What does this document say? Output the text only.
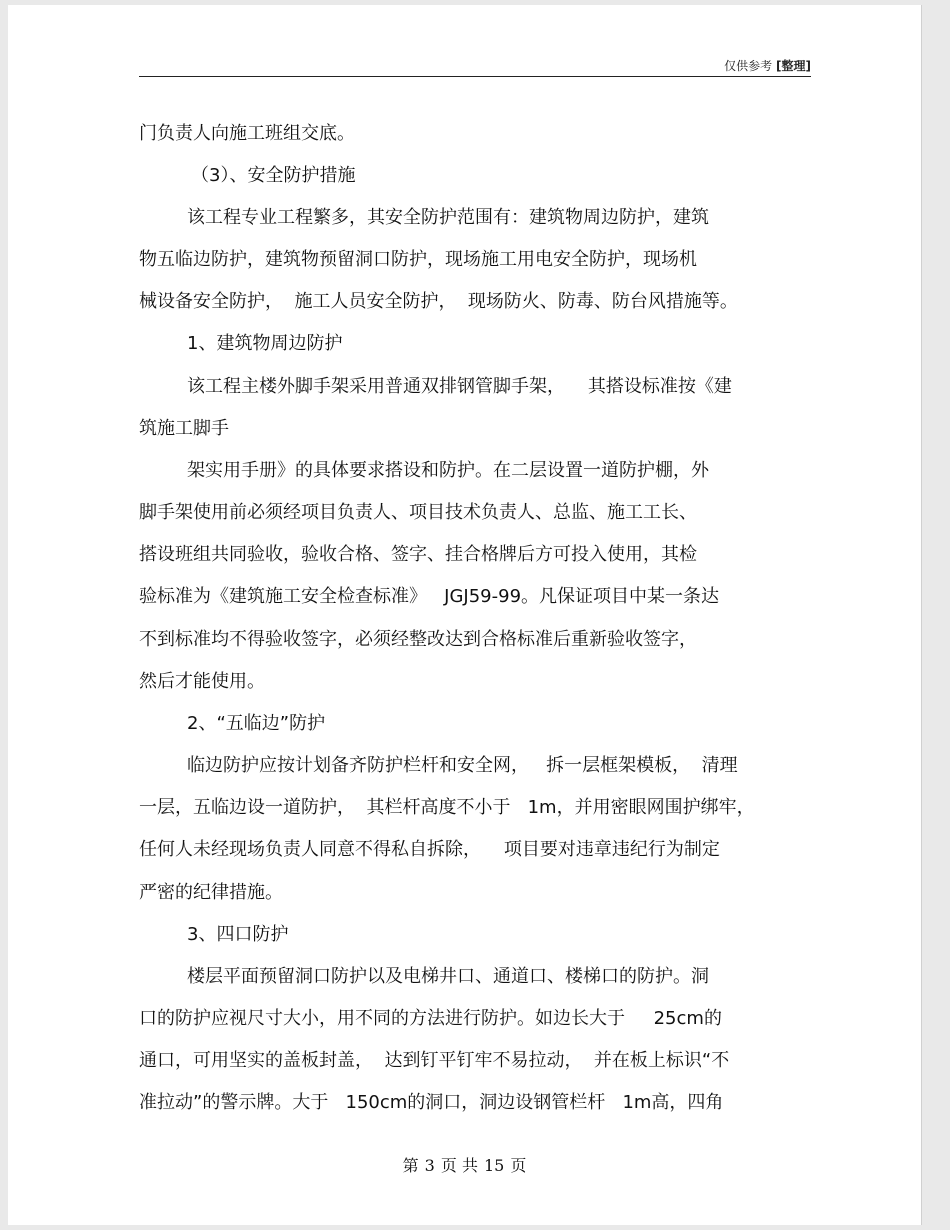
仅供参考 [整理]
门负责人向施工班组交底。
（3）、安全防护措施
该工程专业工程繁多，其安全防护范围有：建筑物周边防护，建筑
物五临边防护，建筑物预留洞口防护，现场施工用电安全防护，现场机
械设备安全防护，  施工人员安全防护，  现场防火、防毒、防台风措施等。
1、建筑物周边防护
该工程主楼外脚手架采用普通双排钢管脚手架，    其搭设标准按《建
筑施工脚手
架实用手册》的具体要求搭设和防护。在二层设置一道防护棚，外
脚手架使用前必须经项目负责人、项目技术负责人、总监、施工工长、
搭设班组共同验收，验收合格、签字、挂合格牌后方可投入使用，其检
验标准为《建筑施工安全检查标准》   JGJ59-99。凡保证项目中某一条达
不到标准均不得验收签字，必须经整改达到合格标准后重新验收签字，
然后才能使用。
2、“五临边”防护
临边防护应按计划备齐防护栏杆和安全网，   拆一层框架模板，  清理
一层，五临边设一道防护，  其栏杆高度不小于   1m，并用密眼网围护绑牢，
任何人未经现场负责人同意不得私自拆除，    项目要对违章违纪行为制定
严密的纪律措施。
3、四口防护
楼层平面预留洞口防护以及电梯井口、通道口、楼梯口的防护。洞
口的防护应视尺寸大小，用不同的方法进行防护。如边长大于     25cm的
通口，可用坚实的盖板封盖，  达到钉平钉牢不易拉动，  并在板上标识“不
准拉动”的警示牌。大于   150cm的洞口，洞边设钢管栏杆   1m高，四角
第 3 页 共 15 页
